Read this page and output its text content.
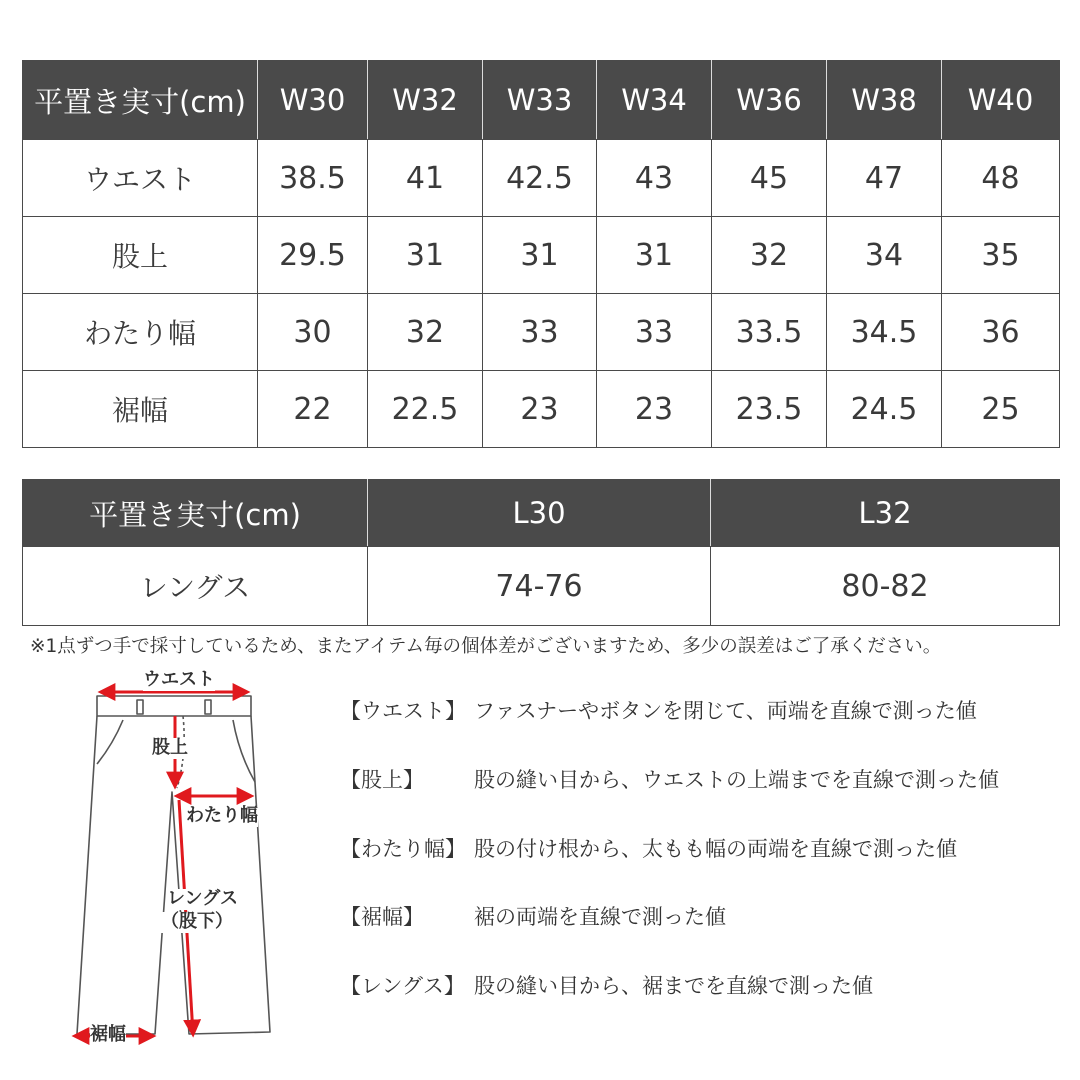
平置き実寸(cm)	W30	W32	W33	W34	W36	W38	W40
ウエスト	38.5	41	42.5	43	45	47	48
股上	29.5	31	31	31	32	34	35
わたり幅	30	32	33	33	33.5	34.5	36
裾幅	22	22.5	23	23	23.5	24.5	25
平置き実寸(cm)	L30	L32
レングス	74-76	80-82
※1点ずつ手で採寸しているため、またアイテム毎の個体差がございますため、多少の誤差はご了承ください。
ウエスト
股上
わたり幅
レングス
（股下）
裾幅
【ウエスト】 ファスナーやボタンを閉じて、両端を直線で測った値
【股上】 股の縫い目から、ウエストの上端までを直線で測った値
【わたり幅】 股の付け根から、太もも幅の両端を直線で測った値
【裾幅】 裾の両端を直線で測った値
【レングス】 股の縫い目から、裾までを直線で測った値
